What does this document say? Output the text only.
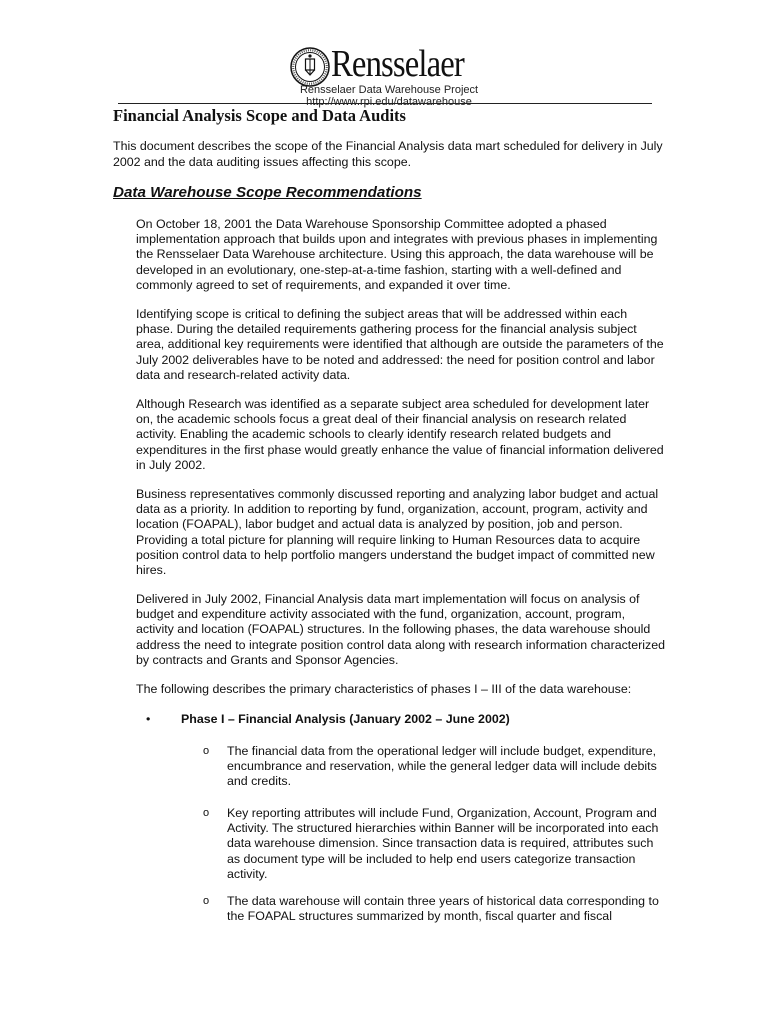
Rensselaer
Rensselaer Data Warehouse Project
http://www.rpi.edu/datawarehouse
Financial Analysis Scope and Data Audits

This document describes the scope of the Financial Analysis data mart scheduled for delivery in July 2002 and the data auditing issues affecting this scope.

Data Warehouse Scope Recommendations

On October 18, 2001 the Data Warehouse Sponsorship Committee adopted a phased implementation approach that builds upon and integrates with previous phases in implementing the Rensselaer Data Warehouse architecture. Using this approach, the data warehouse will be developed in an evolutionary, one-step-at-a-time fashion, starting with a well-defined and commonly agreed to set of requirements, and expanded it over time.

Identifying scope is critical to defining the subject areas that will be addressed within each phase. During the detailed requirements gathering process for the financial analysis subject area, additional key requirements were identified that although are outside the parameters of the July 2002 deliverables have to be noted and addressed: the need for position control and labor data and research-related activity data.

Although Research was identified as a separate subject area scheduled for development later on, the academic schools focus a great deal of their financial analysis on research related activity. Enabling the academic schools to clearly identify research related budgets and expenditures in the first phase would greatly enhance the value of financial information delivered in July 2002.

Business representatives commonly discussed reporting and analyzing labor budget and actual data as a priority. In addition to reporting by fund, organization, account, program, activity and location (FOAPAL), labor budget and actual data is analyzed by position, job and person. Providing a total picture for planning will require linking to Human Resources data to acquire position control data to help portfolio mangers understand the budget impact of committed new hires.

Delivered in July 2002, Financial Analysis data mart implementation will focus on analysis of budget and expenditure activity associated with the fund, organization, account, program, activity and location (FOAPAL) structures. In the following phases, the data warehouse should address the need to integrate position control data along with research information characterized by contracts and Grants and Sponsor Agencies.

The following describes the primary characteristics of phases I – III of the data warehouse:

• Phase I – Financial Analysis (January 2002 – June 2002)
o The financial data from the operational ledger will include budget, expenditure, encumbrance and reservation, while the general ledger data will include debits and credits.

o Key reporting attributes will include Fund, Organization, Account, Program and Activity. The structured hierarchies within Banner will be incorporated into each data warehouse dimension. Since transaction data is required, attributes such as document type will be included to help end users categorize transaction activity.

o The data warehouse will contain three years of historical data corresponding to the FOAPAL structures summarized by month, fiscal quarter and fiscal
